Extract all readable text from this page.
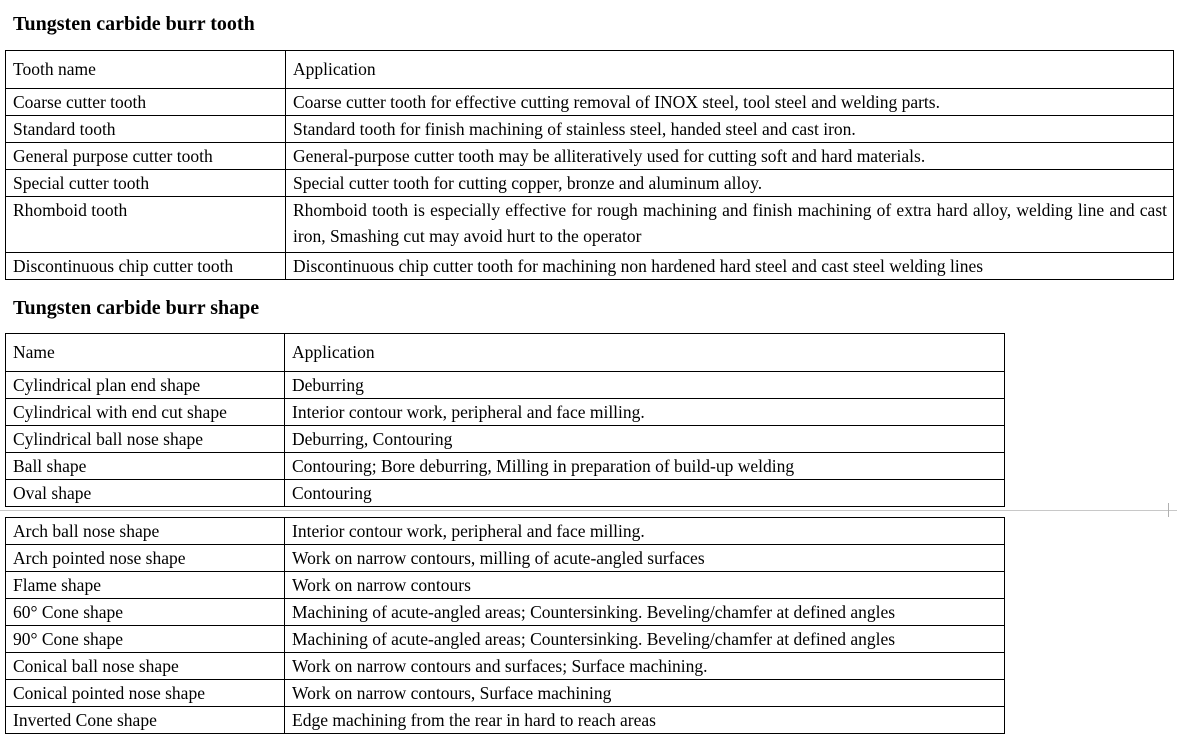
Tungsten carbide burr tooth
Tooth name	Application
Coarse cutter tooth	Coarse cutter tooth for effective cutting removal of INOX steel, tool steel and welding parts.
Standard tooth	Standard tooth for finish machining of stainless steel, handed steel and cast iron.
General purpose cutter tooth	General-purpose cutter tooth may be alliteratively used for cutting soft and hard materials.
Special cutter tooth	Special cutter tooth for cutting copper, bronze and aluminum alloy.
Rhomboid tooth	Rhomboid tooth is especially effective for rough machining and finish machining of extra hard alloy, welding line and cast iron, Smashing cut may avoid hurt to the operator
Discontinuous chip cutter tooth	Discontinuous chip cutter tooth for machining non hardened hard steel and cast steel welding lines
Tungsten carbide burr shape
Name	Application
Cylindrical plan end shape	Deburring
Cylindrical with end cut shape	Interior contour work, peripheral and face milling.
Cylindrical ball nose shape	Deburring, Contouring
Ball shape	Contouring; Bore deburring, Milling in preparation of build-up welding
Oval shape	Contouring
Arch ball nose shape	Interior contour work, peripheral and face milling.
Arch pointed nose shape	Work on narrow contours, milling of acute-angled surfaces
Flame shape	Work on narrow contours
60° Cone shape	Machining of acute-angled areas; Countersinking. Beveling/chamfer at defined angles
90° Cone shape	Machining of acute-angled areas; Countersinking. Beveling/chamfer at defined angles
Conical ball nose shape	Work on narrow contours and surfaces; Surface machining.
Conical pointed nose shape	Work on narrow contours, Surface machining
Inverted Cone shape	Edge machining from the rear in hard to reach areas
